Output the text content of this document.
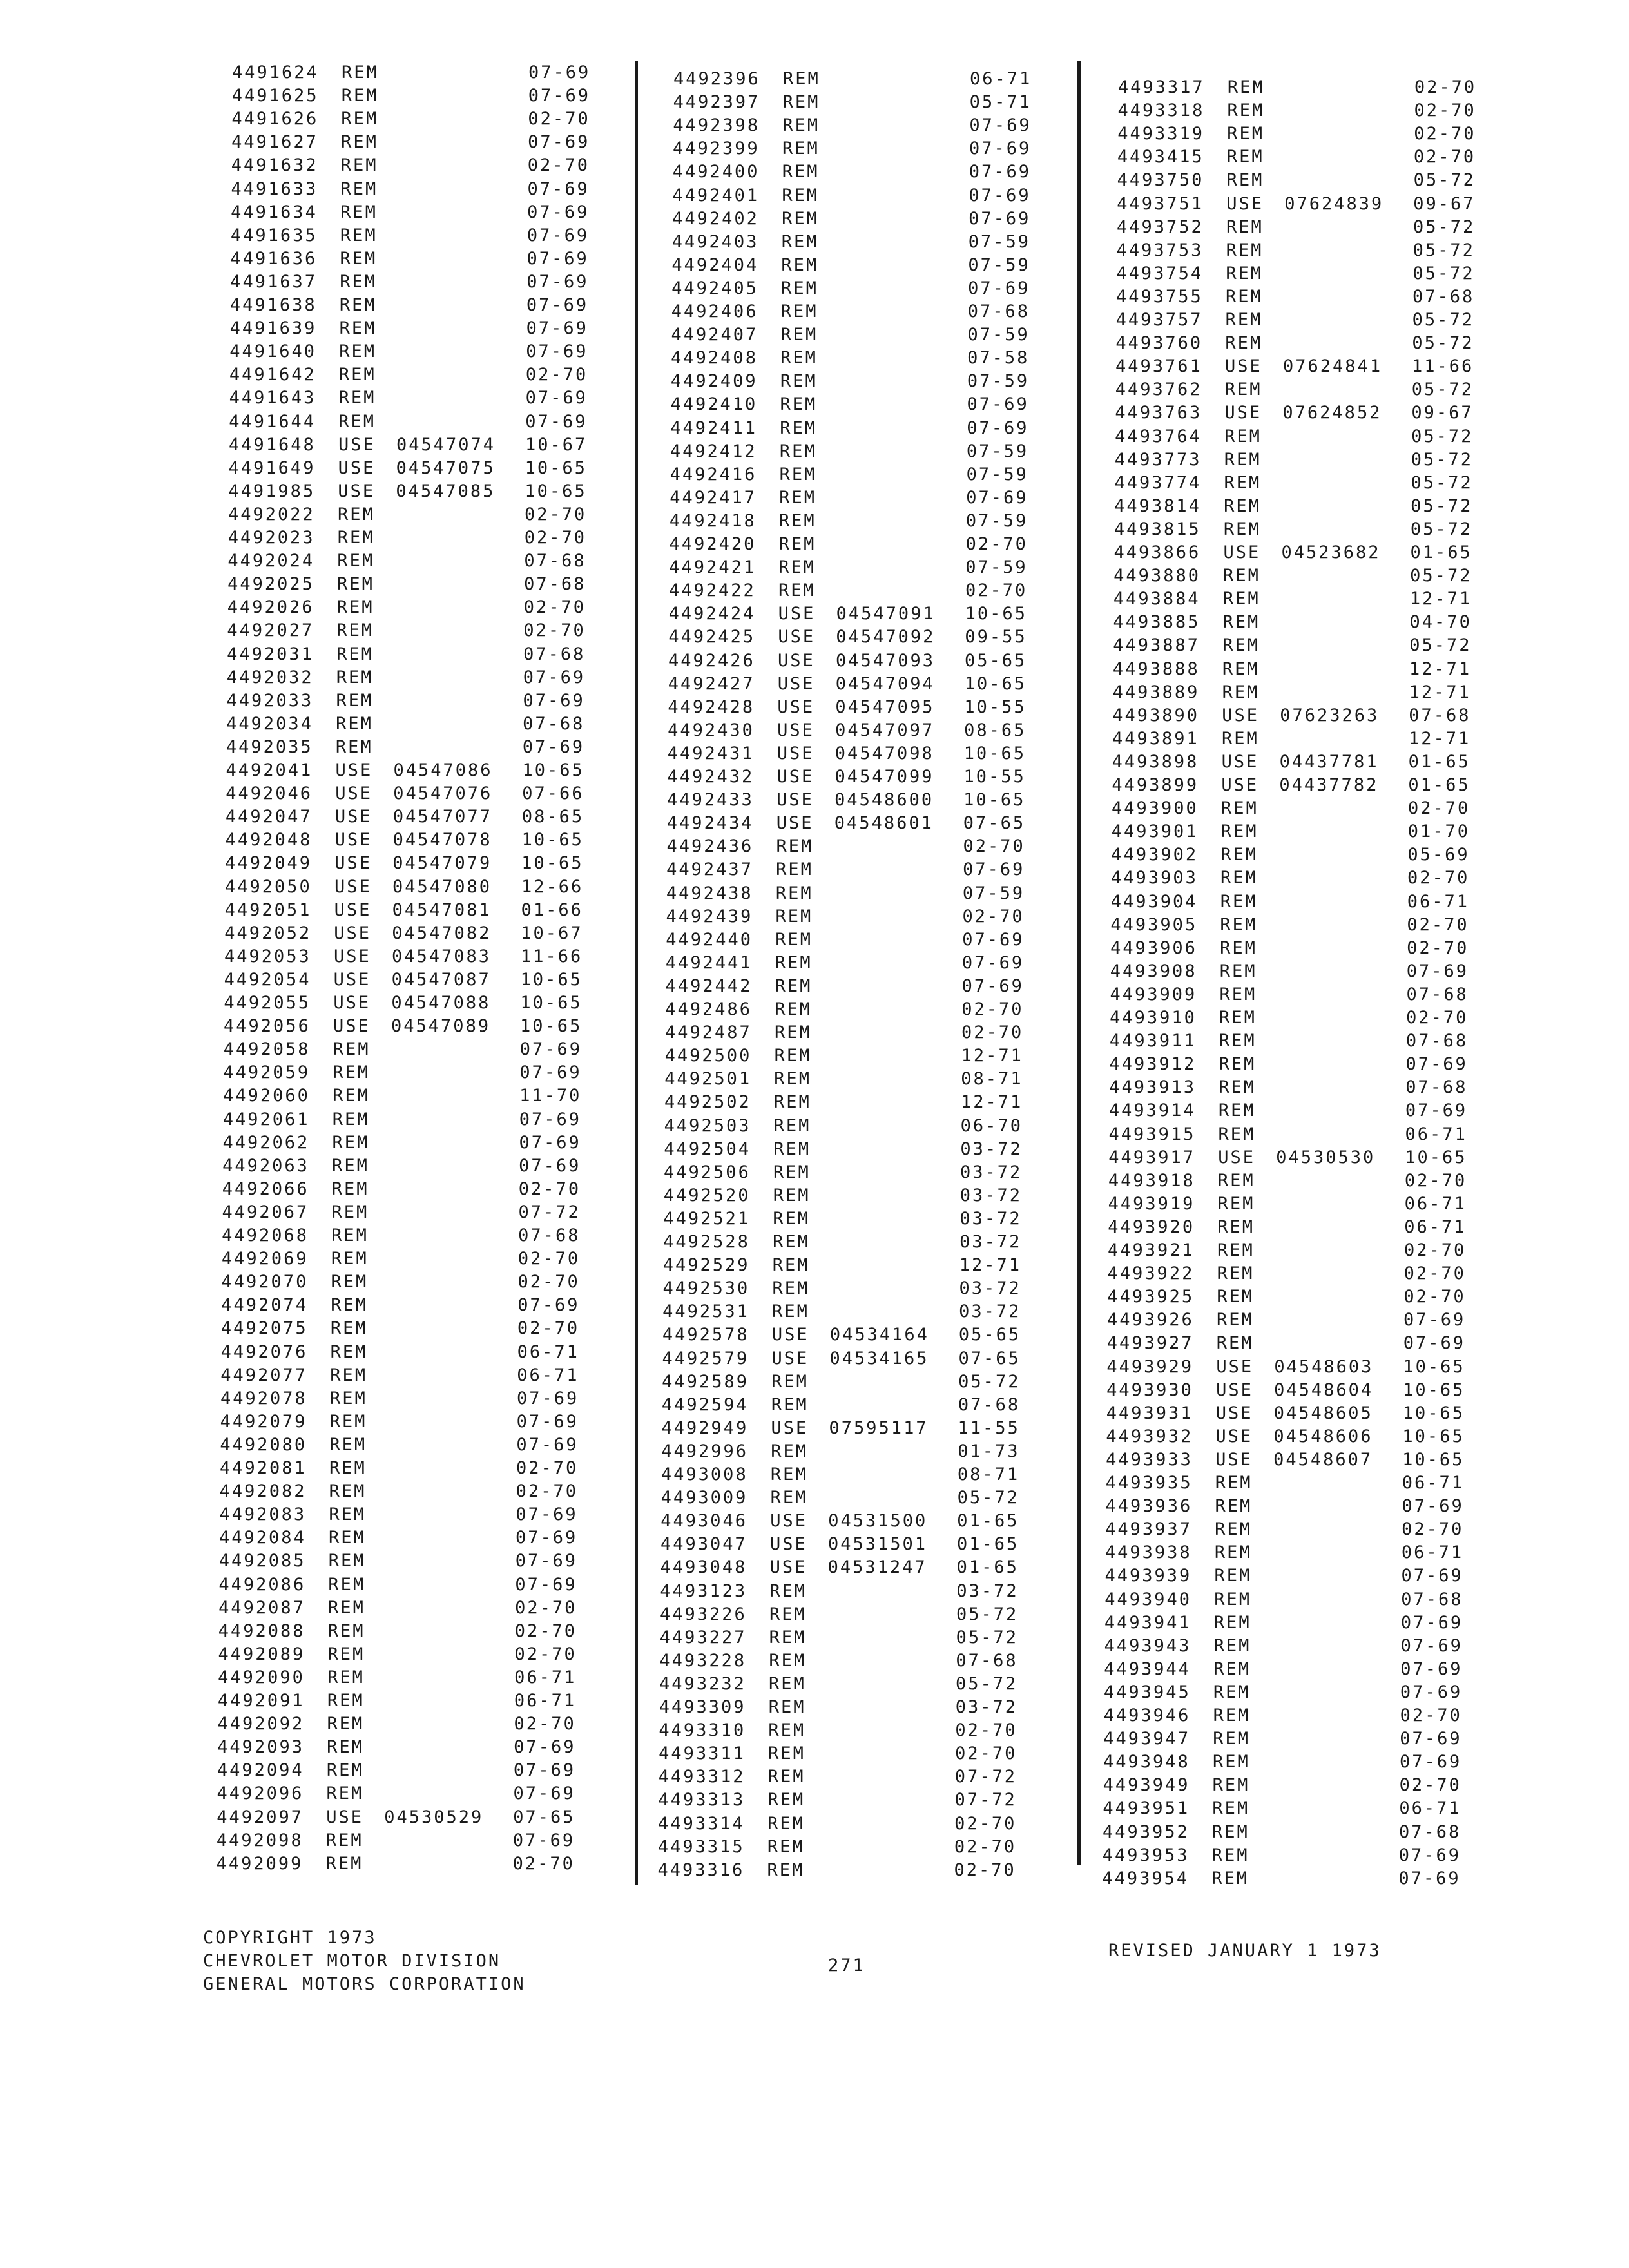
4491624 REM	07-69
4491625 REM	07-69
4491626 REM	02-70
4491627 REM	07-69
4491632 REM	02-70
4491633 REM	07-69
4491634 REM	07-69
4491635 REM	07-69
4491636 REM	07-69
4491637 REM	07-69
4491638 REM	07-69
4491639 REM	07-69
4491640 REM	07-69
4491642 REM	02-70
4491643 REM	07-69
4491644 REM	07-69
4491648 USE 04547074 10-67
4491649 USE 04547075 10-65
4491985 USE 04547085 10-65
4492022 REM	02-70
4492023 REM	02-70
4492024 REM	07-68
4492025 REM	07-68
4492026 REM	02-70
4492027 REM	02-70
4492031 REM	07-68
4492032 REM	07-69
4492033 REM	07-69
4492034 REM	07-68
4492035 REM	07-69
4492041 USE 04547086 10-65
4492046 USE 04547076 07-66
4492047 USE 04547077 08-65
4492048 USE 04547078 10-65
4492049 USE 04547079 10-65
4492050 USE 04547080 12-66
4492051 USE 04547081 01-66
4492052 USE 04547082 10-67
4492053 USE 04547083 11-66
4492054 USE 04547087 10-65
4492055 USE 04547088 10-65
4492056 USE 04547089 10-65
4492058 REM	07-69
4492059 REM	07-69
4492060 REM	11-70
4492061 REM	07-69
4492062 REM	07-69
4492063 REM	07-69
4492066 REM	02-70
4492067 REM	07-72
4492068 REM	07-68
4492069 REM	02-70
4492070 REM	02-70
4492074 REM	07-69
4492075 REM	02-70
4492076 REM	06-71
4492077 REM	06-71
4492078 REM	07-69
4492079 REM	07-69
4492080 REM	07-69
4492081 REM	02-70
4492082 REM	02-70
4492083 REM	07-69
4492084 REM	07-69
4492085 REM	07-69
4492086 REM	07-69
4492087 REM	02-70
4492088 REM	02-70
4492089 REM	02-70
4492090 REM	06-71
4492091 REM	06-71
4492092 REM	02-70
4492093 REM	07-69
4492094 REM	07-69
4492096 REM	07-69
4492097 USE 04530529 07-65
4492098 REM	07-69
4492099 REM	02-70
4492396 REM	06-71
4492397 REM	05-71
4492398 REM	07-69
4492399 REM	07-69
4492400 REM	07-69
4492401 REM	07-69
4492402 REM	07-69
4492403 REM	07-59
4492404 REM	07-59
4492405 REM	07-69
4492406 REM	07-68
4492407 REM	07-59
4492408 REM	07-58
4492409 REM	07-59
4492410 REM	07-69
4492411 REM	07-69
4492412 REM	07-59
4492416 REM	07-59
4492417 REM	07-69
4492418 REM	07-59
4492420 REM	02-70
4492421 REM	07-59
4492422 REM	02-70
4492424 USE 04547091 10-65
4492425 USE 04547092 09-55
4492426 USE 04547093 05-65
4492427 USE 04547094 10-65
4492428 USE 04547095 10-55
4492430 USE 04547097 08-65
4492431 USE 04547098 10-65
4492432 USE 04547099 10-55
4492433 USE 04548600 10-65
4492434 USE 04548601 07-65
4492436 REM	02-70
4492437 REM	07-69
4492438 REM	07-59
4492439 REM	02-70
4492440 REM	07-69
4492441 REM	07-69
4492442 REM	07-69
4492486 REM	02-70
4492487 REM	02-70
4492500 REM	12-71
4492501 REM	08-71
4492502 REM	12-71
4492503 REM	06-70
4492504 REM	03-72
4492506 REM	03-72
4492520 REM	03-72
4492521 REM	03-72
4492528 REM	03-72
4492529 REM	12-71
4492530 REM	03-72
4492531 REM	03-72
4492578 USE 04534164 05-65
4492579 USE 04534165 07-65
4492589 REM	05-72
4492594 REM	07-68
4492949 USE 07595117 11-55
4492996 REM	01-73
4493008 REM	08-71
4493009 REM	05-72
4493046 USE 04531500 01-65
4493047 USE 04531501 01-65
4493048 USE 04531247 01-65
4493123 REM	03-72
4493226 REM	05-72
4493227 REM	05-72
4493228 REM	07-68
4493232 REM	05-72
4493309 REM	03-72
4493310 REM	02-70
4493311 REM	02-70
4493312 REM	07-72
4493313 REM	07-72
4493314 REM	02-70
4493315 REM	02-70
4493316 REM	02-70
4493317 REM	02-70
4493318 REM	02-70
4493319 REM	02-70
4493415 REM	02-70
4493750 REM	05-72
4493751 USE 07624839 09-67
4493752 REM	05-72
4493753 REM	05-72
4493754 REM	05-72
4493755 REM	07-68
4493757 REM	05-72
4493760 REM	05-72
4493761 USE 07624841 11-66
4493762 REM	05-72
4493763 USE 07624852 09-67
4493764 REM	05-72
4493773 REM	05-72
4493774 REM	05-72
4493814 REM	05-72
4493815 REM	05-72
4493866 USE 04523682 01-65
4493880 REM	05-72
4493884 REM	12-71
4493885 REM	04-70
4493887 REM	05-72
4493888 REM	12-71
4493889 REM	12-71
4493890 USE 07623263 07-68
4493891 REM	12-71
4493898 USE 04437781 01-65
4493899 USE 04437782 01-65
4493900 REM	02-70
4493901 REM	01-70
4493902 REM	05-69
4493903 REM	02-70
4493904 REM	06-71
4493905 REM	02-70
4493906 REM	02-70
4493908 REM	07-69
4493909 REM	07-68
4493910 REM	02-70
4493911 REM	07-68
4493912 REM	07-69
4493913 REM	07-68
4493914 REM	07-69
4493915 REM	06-71
4493917 USE 04530530 10-65
4493918 REM	02-70
4493919 REM	06-71
4493920 REM	06-71
4493921 REM	02-70
4493922 REM	02-70
4493925 REM	02-70
4493926 REM	07-69
4493927 REM	07-69
4493929 USE 04548603 10-65
4493930 USE 04548604 10-65
4493931 USE 04548605 10-65
4493932 USE 04548606 10-65
4493933 USE 04548607 10-65
4493935 REM	06-71
4493936 REM	07-69
4493937 REM	02-70
4493938 REM	06-71
4493939 REM	07-69
4493940 REM	07-68
4493941 REM	07-69
4493943 REM	07-69
4493944 REM	07-69
4493945 REM	07-69
4493946 REM	02-70
4493947 REM	07-69
4493948 REM	07-69
4493949 REM	02-70
4493951 REM	06-71
4493952 REM	07-68
4493953 REM	07-69
4493954 REM	07-69
COPYRIGHT 1973
CHEVROLET MOTOR DIVISION
GENERAL MOTORS CORPORATION
271
REVISED JANUARY 1 1973
